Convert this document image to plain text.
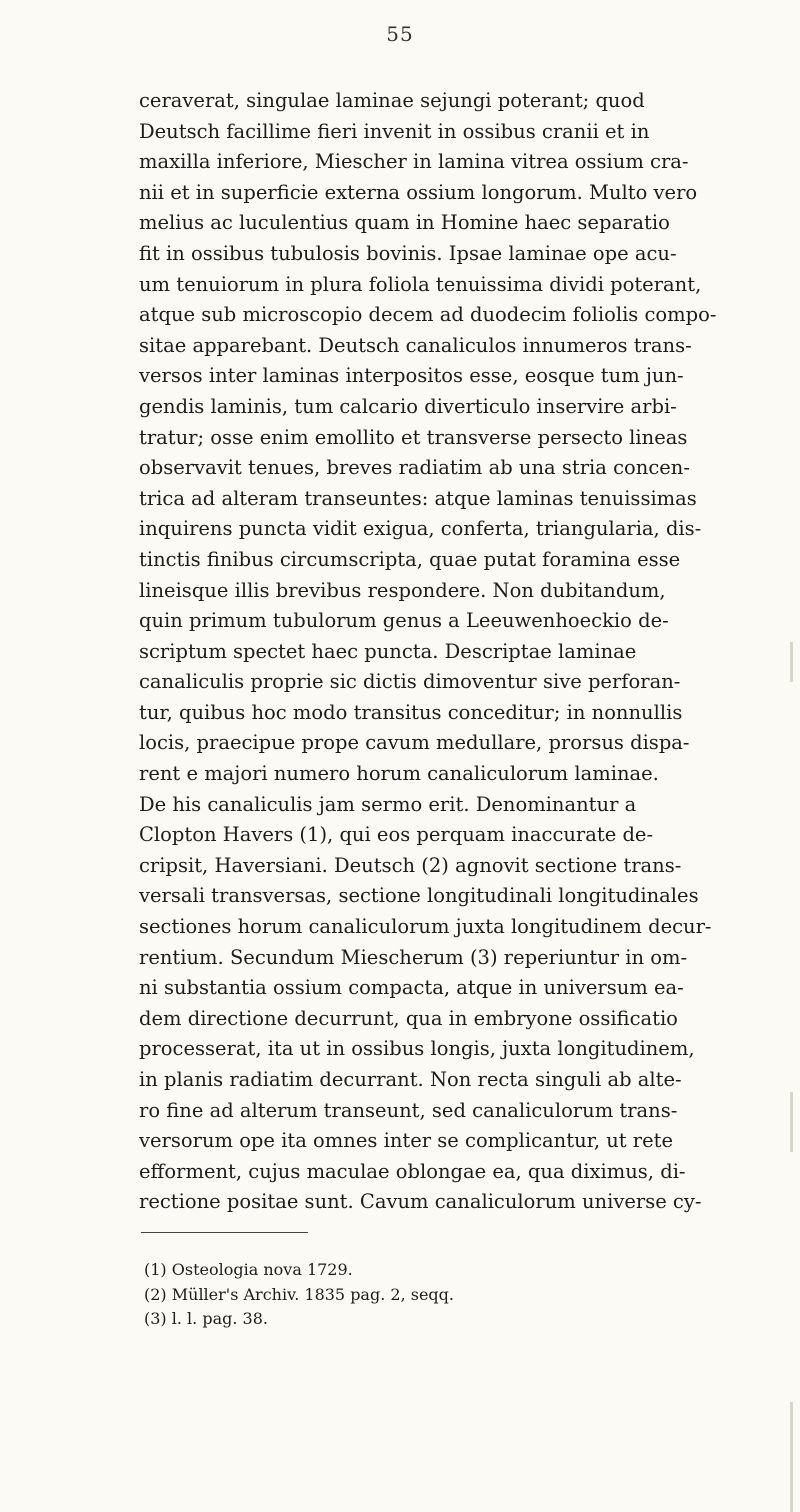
55
ceraverat, singulae laminae sejungi poterant; quod
Deutsch facillime fieri invenit in ossibus cranii et in
maxilla inferiore, Miescher in lamina vitrea ossium cra-
nii et in superficie externa ossium longorum. Multo vero
melius ac luculentius quam in Homine haec separatio
fit in ossibus tubulosis bovinis. Ipsae laminae ope acu-
um tenuiorum in plura foliola tenuissima dividi poterant,
atque sub microscopio decem ad duodecim foliolis compo-
sitae apparebant. Deutsch canaliculos innumeros trans-
versos inter laminas interpositos esse, eosque tum jun-
gendis laminis, tum calcario diverticulo inservire arbi-
tratur; osse enim emollito et transverse persecto lineas
observavit tenues, breves radiatim ab una stria concen-
trica ad alteram transeuntes: atque laminas tenuissimas
inquirens puncta vidit exigua, conferta, triangularia, dis-
tinctis finibus circumscripta, quae putat foramina esse
lineisque illis brevibus respondere. Non dubitandum,
quin primum tubulorum genus a Leeuwenhoeckio de-
scriptum spectet haec puncta. Descriptae laminae
canaliculis proprie sic dictis dimoventur sive perforan-
tur, quibus hoc modo transitus conceditur; in nonnullis
locis, praecipue prope cavum medullare, prorsus dispa-
rent e majori numero horum canaliculorum laminae.
De his canaliculis jam sermo erit. Denominantur a
Clopton Havers (1), qui eos perquam inaccurate de-
cripsit, Haversiani. Deutsch (2) agnovit sectione trans-
versali transversas, sectione longitudinali longitudinales
sectiones horum canaliculorum juxta longitudinem decur-
rentium. Secundum Miescherum (3) reperiuntur in om-
ni substantia ossium compacta, atque in universum ea-
dem directione decurrunt, qua in embryone ossificatio
processerat, ita ut in ossibus longis, juxta longitudinem,
in planis radiatim decurrant. Non recta singuli ab alte-
ro fine ad alterum transeunt, sed canaliculorum trans-
versorum ope ita omnes inter se complicantur, ut rete
efforment, cujus maculae oblongae ea, qua diximus, di-
rectione positae sunt. Cavum canaliculorum universe cy-
(1) Osteologia nova 1729.
(2) Müller's Archiv. 1835 pag. 2, seqq.
(3) l. l. pag. 38.
